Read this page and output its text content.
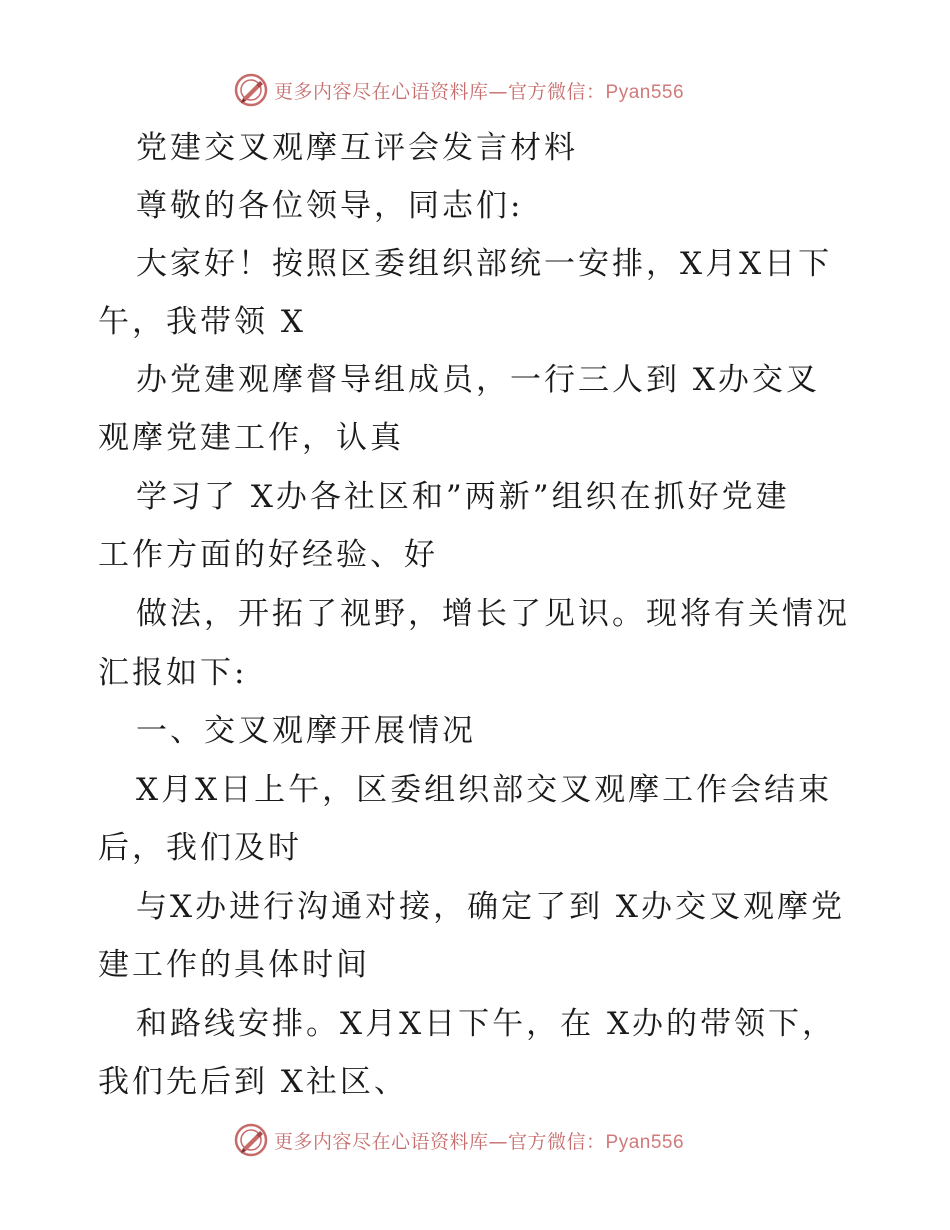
更多内容尽在心语资料库—官方微信：Pyan556
党建交叉观摩互评会发言材料
尊敬的各位领导，同志们:
大家好！按照区委组织部统一安排，X月X日下
午，我带领 X
办党建观摩督导组成员，一行三人到 X办交叉
观摩党建工作，认真
学习了 X办各社区和”两新”组织在抓好党建
工作方面的好经验、好
做法，开拓了视野，增长了见识。现将有关情况
汇报如下:
一、交叉观摩开展情况
X月X日上午，区委组织部交叉观摩工作会结束
后，我们及时
与X办进行沟通对接，确定了到 X办交叉观摩党
建工作的具体时间
和路线安排。X月X日下午，在 X办的带领下，
我们先后到 X社区、
更多内容尽在心语资料库—官方微信：Pyan556
